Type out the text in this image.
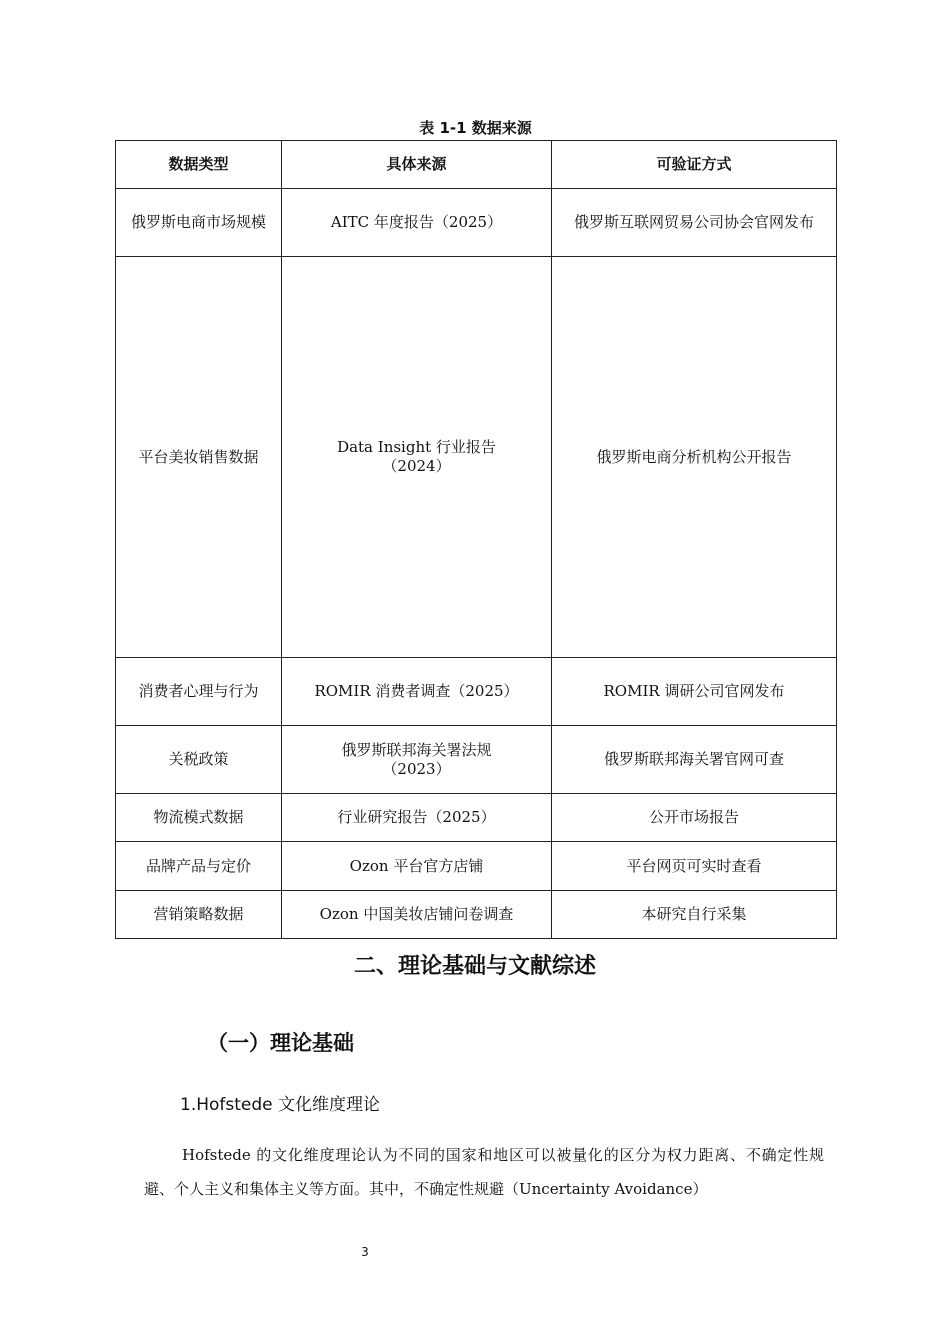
表 1-1 数据来源
数据类型	具体来源	可验证方式
俄罗斯电商市场规模	AITC 年度报告（2025）	俄罗斯互联网贸易公司协会官网发布
平台美妆销售数据	Data Insight 行业报告（2024）	俄罗斯电商分析机构公开报告
消费者心理与行为	ROMIR 消费者调查（2025）	ROMIR 调研公司官网发布
关税政策	俄罗斯联邦海关署法规（2023）	俄罗斯联邦海关署官网可查
物流模式数据	行业研究报告（2025）	公开市场报告
品牌产品与定价	Ozon 平台官方店铺	平台网页可实时查看
营销策略数据	Ozon 中国美妆店铺问卷调查	本研究自行采集
二、理论基础与文献综述
（一）理论基础
1.Hofstede 文化维度理论
Hofstede 的文化维度理论认为不同的国家和地区可以被量化的区分为权力距离、不确定性规避、个人主义和集体主义等方面。其中，不确定性规避（Uncertainty Avoidance）
3
